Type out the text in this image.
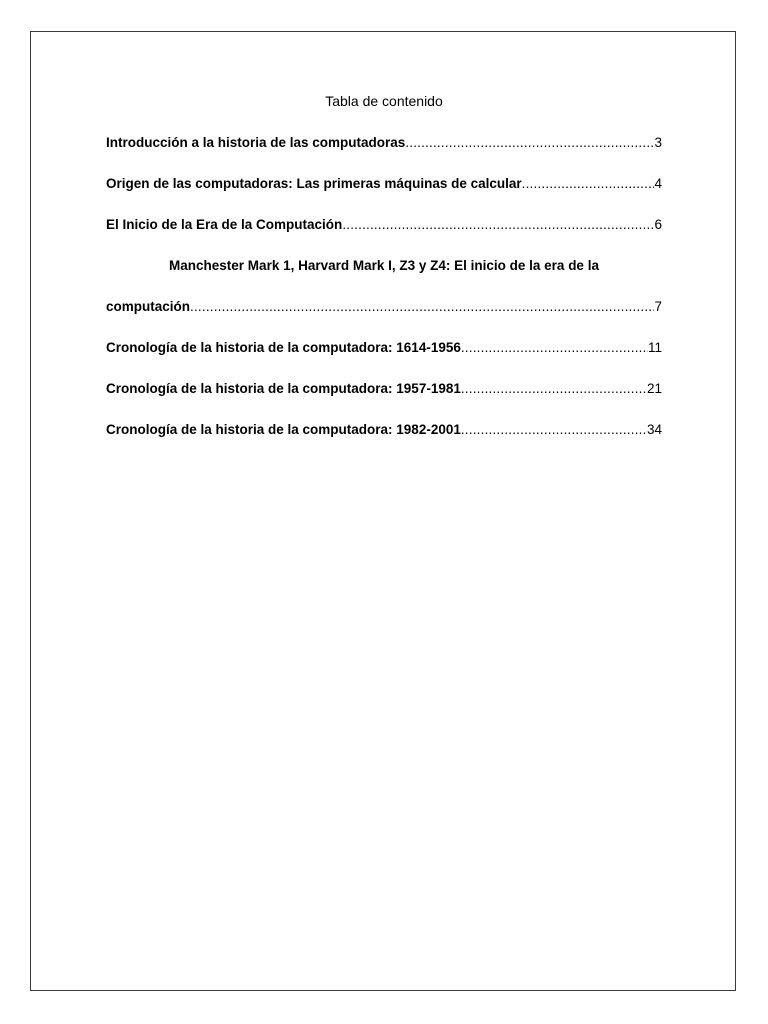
Tabla de contenido
Introducción a la historia de las computadoras .....	3
Origen de las computadoras: Las primeras máquinas de calcular .....	4
El Inicio de la Era de la Computación .....	6
Manchester Mark 1, Harvard Mark I, Z3 y Z4: El inicio de la era de la
computación .....	7
Cronología de la historia de la computadora: 1614-1956 .....	11
Cronología de la historia de la computadora: 1957-1981 .....	21
Cronología de la historia de la computadora: 1982-2001 .....	34
